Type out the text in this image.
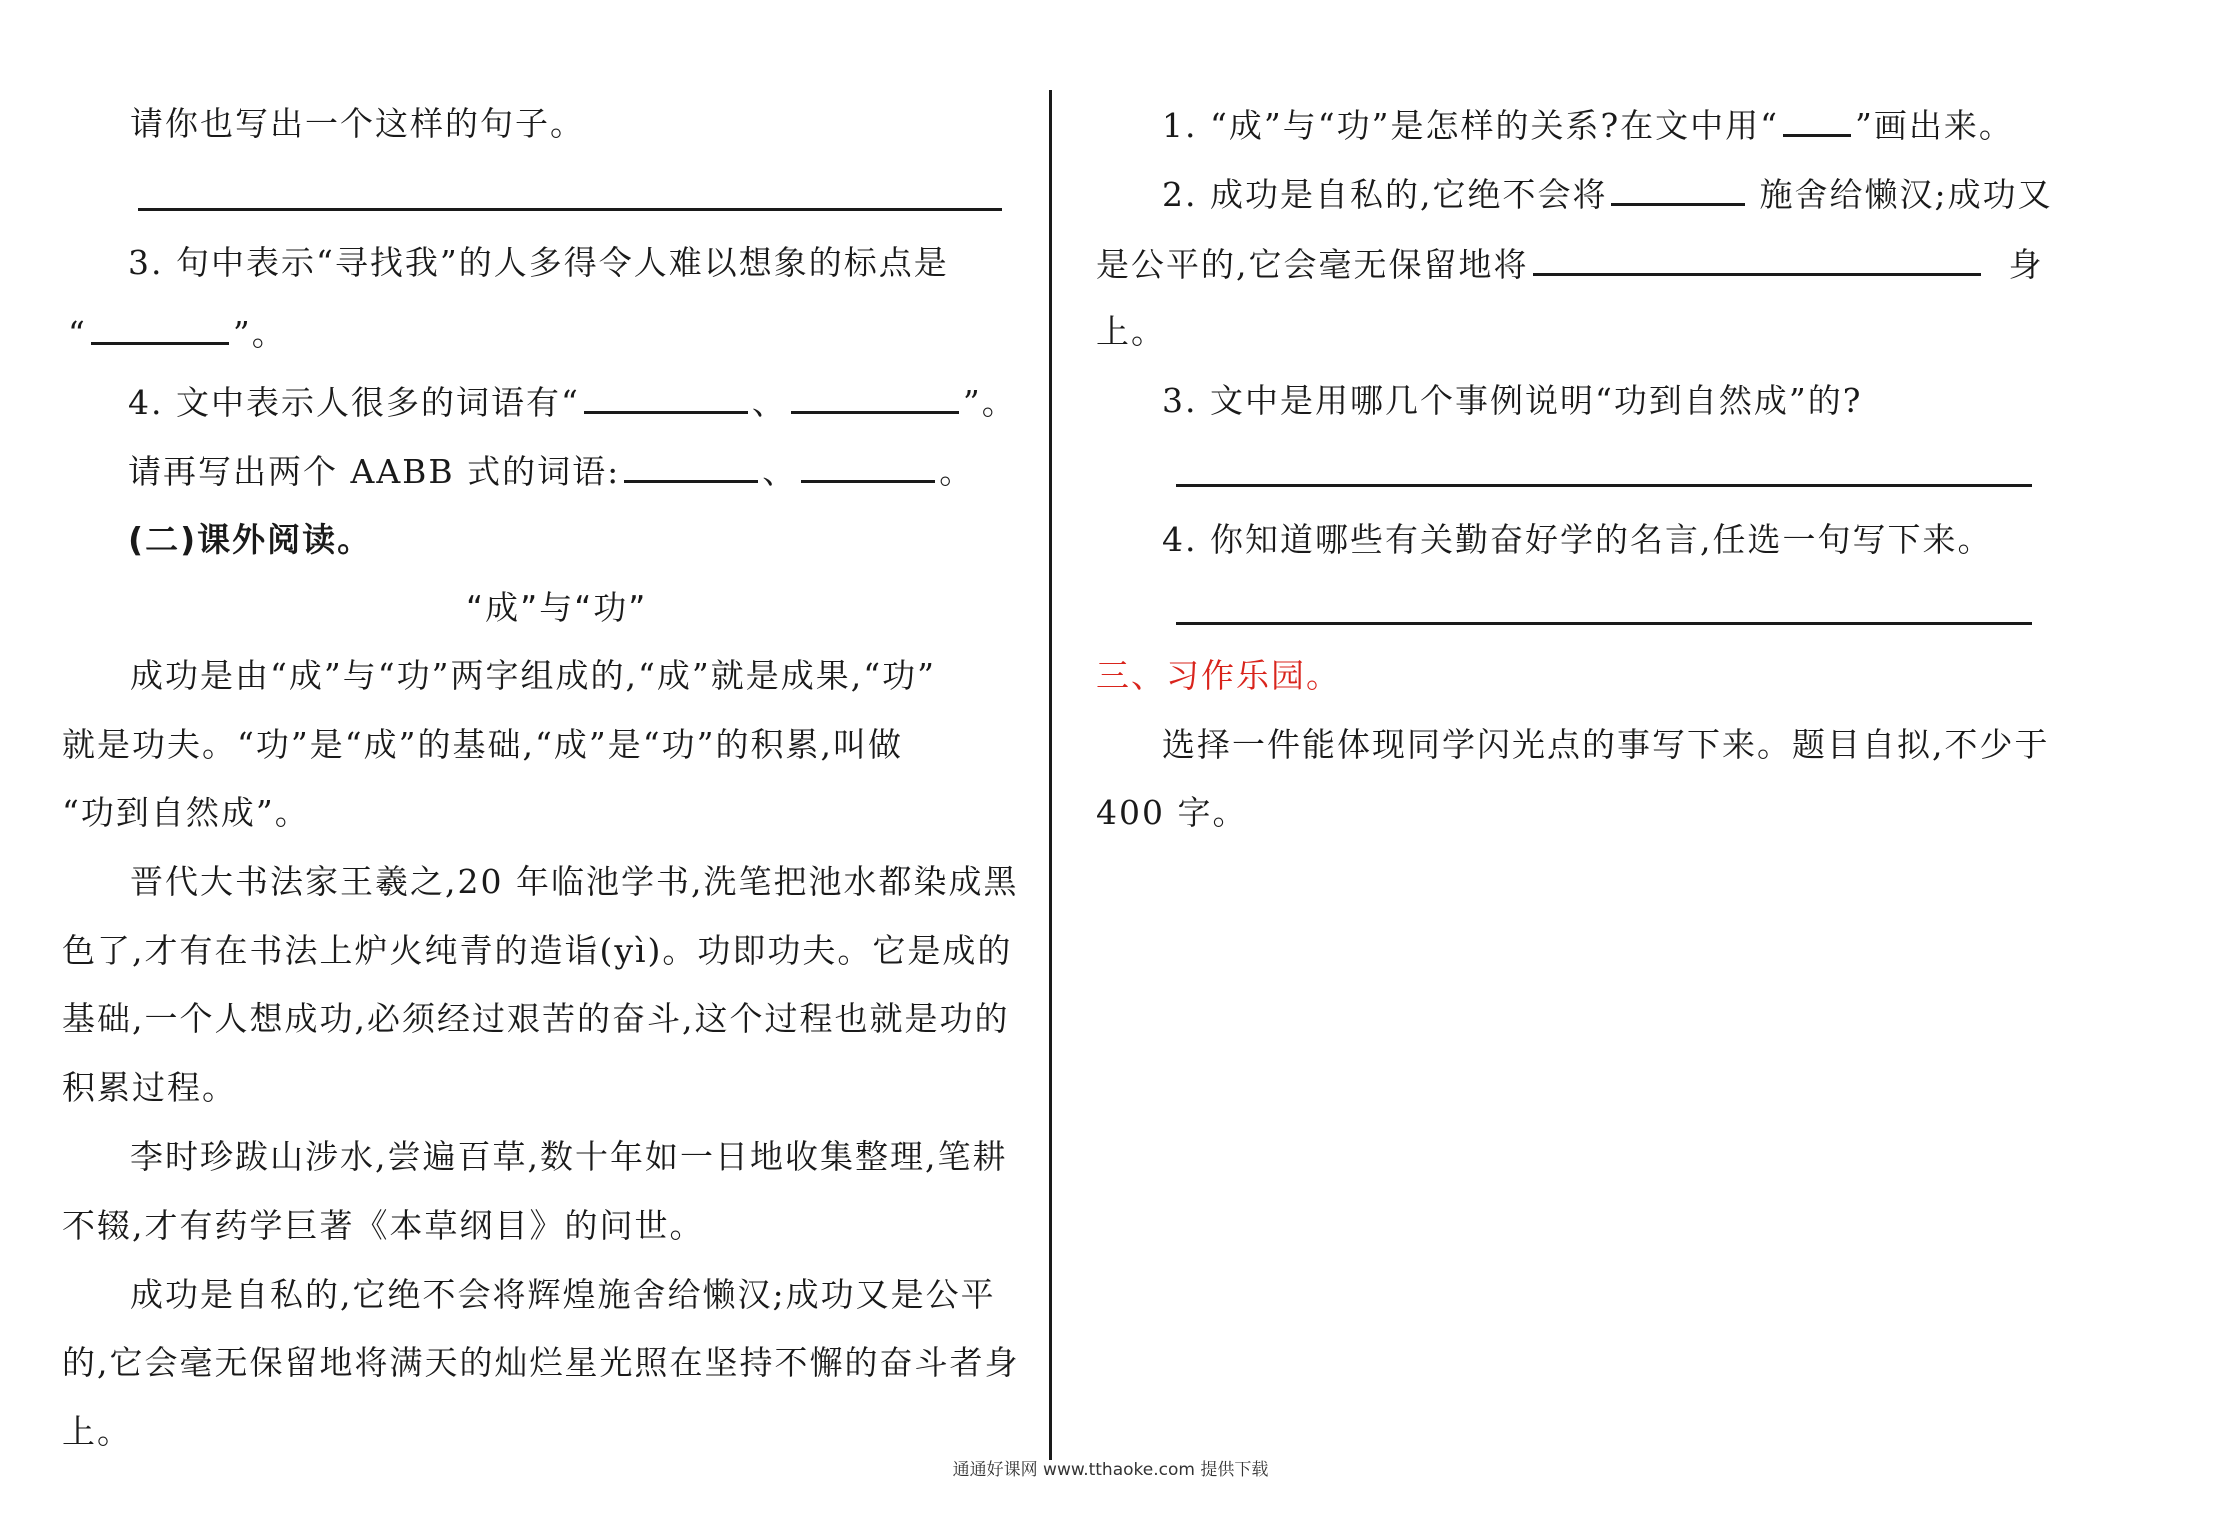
请你也写出一个这样的句子。
3. 句中表示“寻找我”的人多得令人难以想象的标点是
“	”。
4. 文中表示人很多的词语有“	、	”。
请再写出两个 AABB 式的词语:	、	。
(二)课外阅读。
“成”与“功”
成功是由“成”与“功”两字组成的,“成”就是成果,“功”
就是功夫。“功”是“成”的基础,“成”是“功”的积累,叫做
“功到自然成”。
晋代大书法家王羲之,20 年临池学书,洗笔把池水都染成黑
色了,才有在书法上炉火纯青的造诣(yì)。功即功夫。它是成的
基础,一个人想成功,必须经过艰苦的奋斗,这个过程也就是功的
积累过程。
李时珍跋山涉水,尝遍百草,数十年如一日地收集整理,笔耕
不辍,才有药学巨著《本草纲目》的问世。
成功是自私的,它绝不会将辉煌施舍给懒汉;成功又是公平
的,它会毫无保留地将满天的灿烂星光照在坚持不懈的奋斗者身
上。
1. “成”与“功”是怎样的关系?在文中用“ ”画出来。
2. 成功是自私的,它绝不会将	施舍给懒汉;成功又
是公平的,它会毫无保留地将	身
上。
3. 文中是用哪几个事例说明“功到自然成”的?
4. 你知道哪些有关勤奋好学的名言,任选一句写下来。
三、习作乐园。
选择一件能体现同学闪光点的事写下来。题目自拟,不少于
400 字。
通通好课网 www.tthaoke.com 提供下载
